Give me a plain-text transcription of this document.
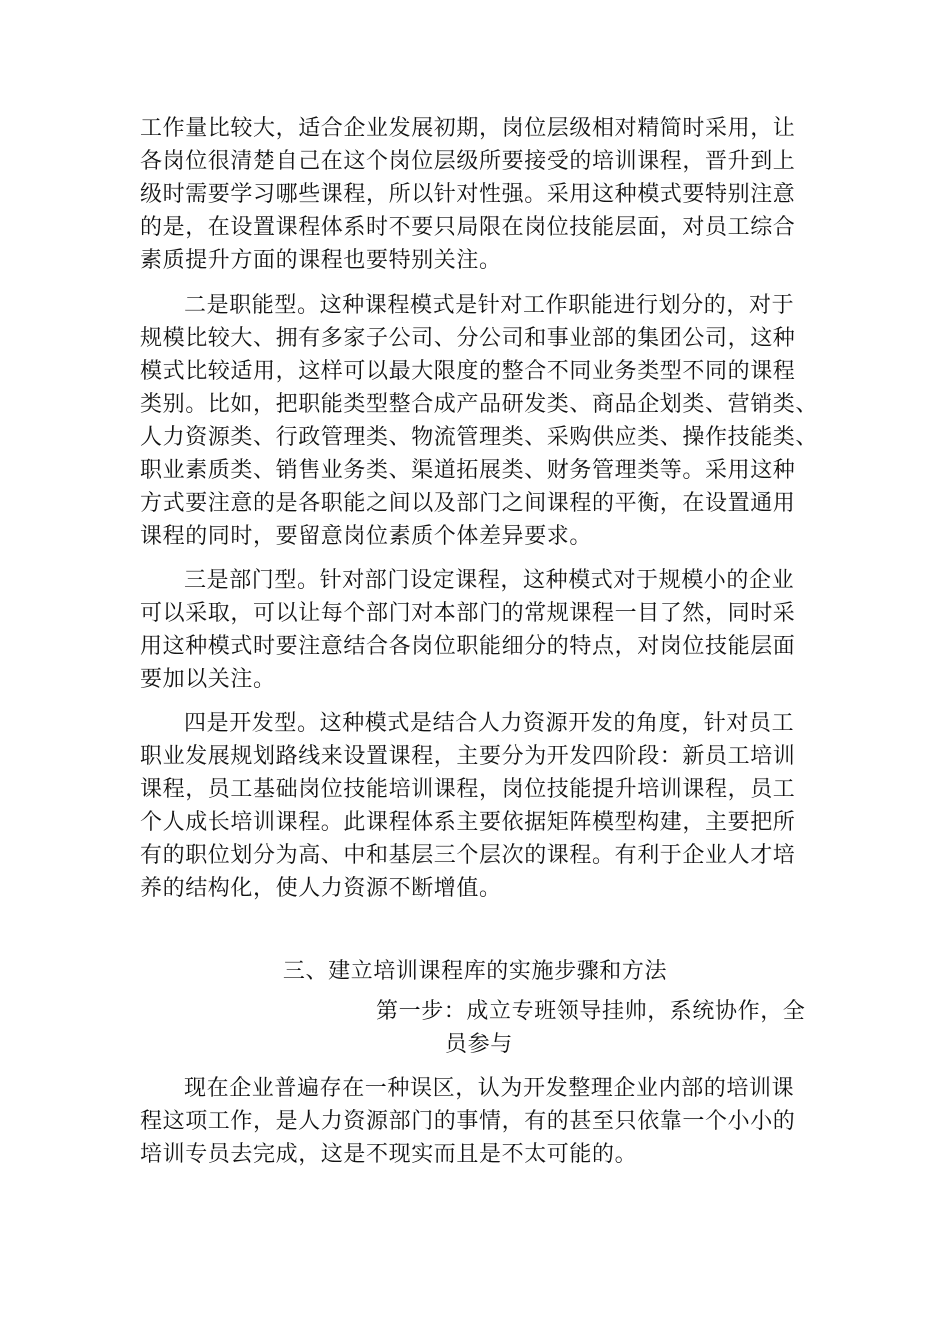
工作量比较大，适合企业发展初期，岗位层级相对精简时采用，让
各岗位很清楚自己在这个岗位层级所要接受的培训课程，晋升到上
级时需要学习哪些课程，所以针对性强。采用这种模式要特别注意
的是，在设置课程体系时不要只局限在岗位技能层面，对员工综合
素质提升方面的课程也要特别关注。
二是职能型。这种课程模式是针对工作职能进行划分的，对于
规模比较大、拥有多家子公司、分公司和事业部的集团公司，这种
模式比较适用，这样可以最大限度的整合不同业务类型不同的课程
类别。比如，把职能类型整合成产品研发类、商品企划类、营销类、
人力资源类、行政管理类、物流管理类、采购供应类、操作技能类、
职业素质类、销售业务类、渠道拓展类、财务管理类等。采用这种
方式要注意的是各职能之间以及部门之间课程的平衡，在设置通用
课程的同时，要留意岗位素质个体差异要求。
三是部门型。针对部门设定课程，这种模式对于规模小的企业
可以采取，可以让每个部门对本部门的常规课程一目了然，同时采
用这种模式时要注意结合各岗位职能细分的特点，对岗位技能层面
要加以关注。
四是开发型。这种模式是结合人力资源开发的角度，针对员工
职业发展规划路线来设置课程，主要分为开发四阶段：新员工培训
课程，员工基础岗位技能培训课程，岗位技能提升培训课程，员工
个人成长培训课程。此课程体系主要依据矩阵模型构建，主要把所
有的职位划分为高、中和基层三个层次的课程。有利于企业人才培
养的结构化，使人力资源不断增值。
三、建立培训课程库的实施步骤和方法
第一步：成立专班领导挂帅，系统协作，全
员参与
现在企业普遍存在一种误区，认为开发整理企业内部的培训课
程这项工作，是人力资源部门的事情，有的甚至只依靠一个小小的
培训专员去完成，这是不现实而且是不太可能的。
